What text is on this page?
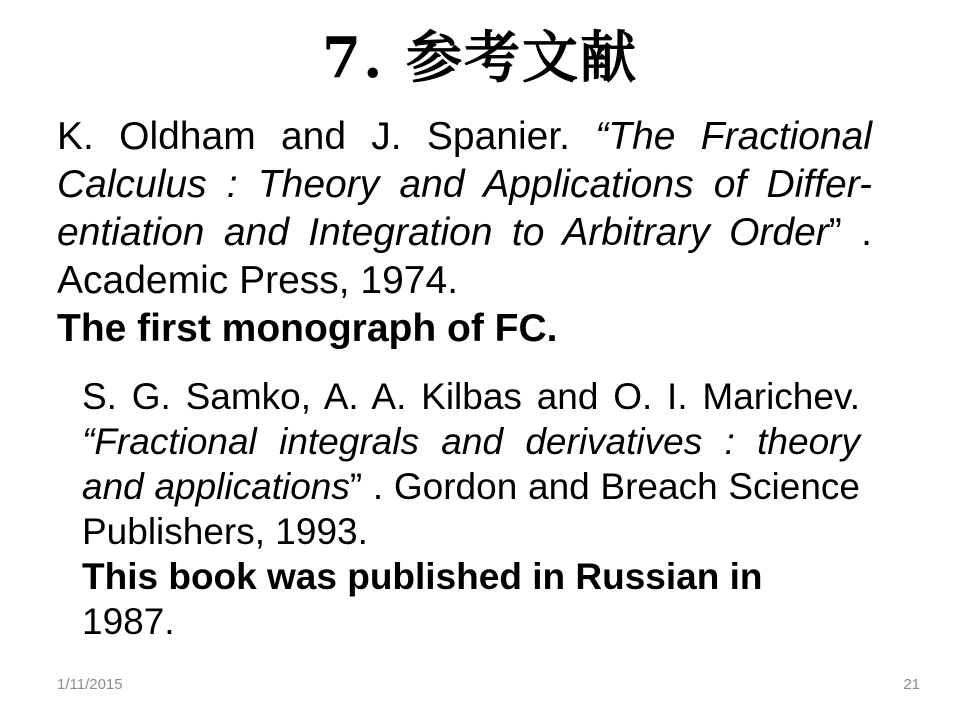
7. 参考文献
K. Oldham and J. Spanier. “The Fractional
Calculus : Theory and Applications of Differ-
entiation and Integration to Arbitrary Order” .
Academic Press, 1974.
The first monograph of FC.
S. G. Samko, A. A. Kilbas and O. I. Marichev.
“Fractional integrals and derivatives : theory
and applications” . Gordon and Breach Science
Publishers, 1993.
This book was published in Russian in 1987.
1/11/2015	21
